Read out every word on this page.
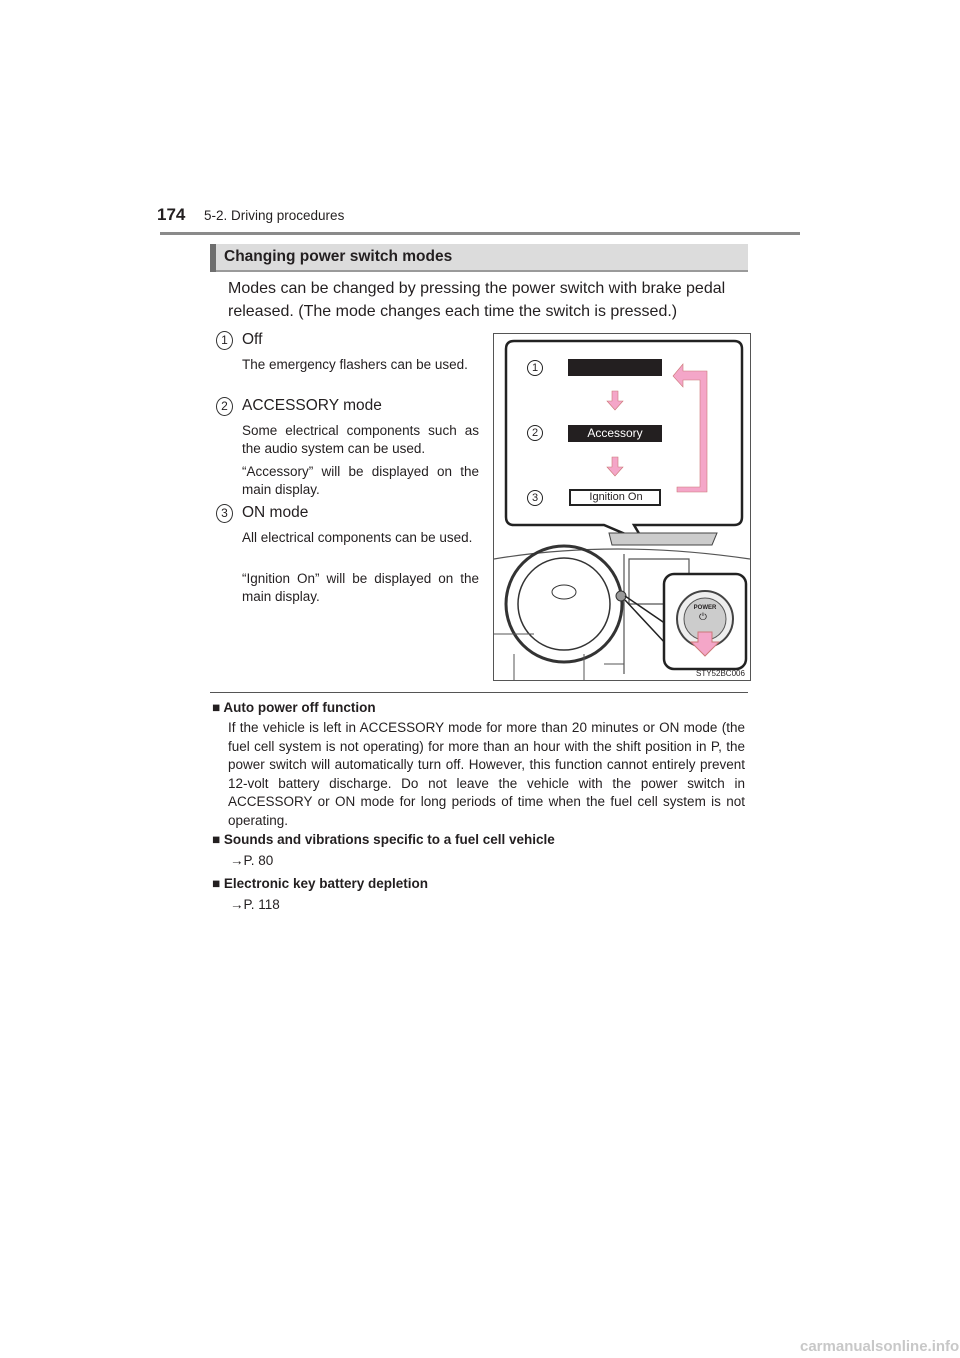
174 5-2. Driving procedures
Changing power switch modes
Modes can be changed by pressing the power switch with brake pedal
released. (The mode changes each time the switch is pressed.)
1 Off
The emergency flashers can be used.
2 ACCESSORY mode
Some electrical components such as the audio system can be used.
“Accessory” will be displayed on the main display.
3 ON mode
All electrical components can be used.
“Ignition On” will be displayed on the main display.
1
2
3
Accessory
Ignition On
POWER
⏻
STY52BC006
■ Auto power off function
If the vehicle is left in ACCESSORY mode for more than 20 minutes or ON mode (the fuel cell system is not operating) for more than an hour with the shift position in P, the power switch will automatically turn off. However, this function cannot entirely prevent 12-volt battery discharge. Do not leave the vehicle with the power switch in ACCESSORY or ON mode for long periods of time when the fuel cell system is not operating.
■ Sounds and vibrations specific to a fuel cell vehicle
→P. 80
■ Electronic key battery depletion
→P. 118
carmanualsonline.info
